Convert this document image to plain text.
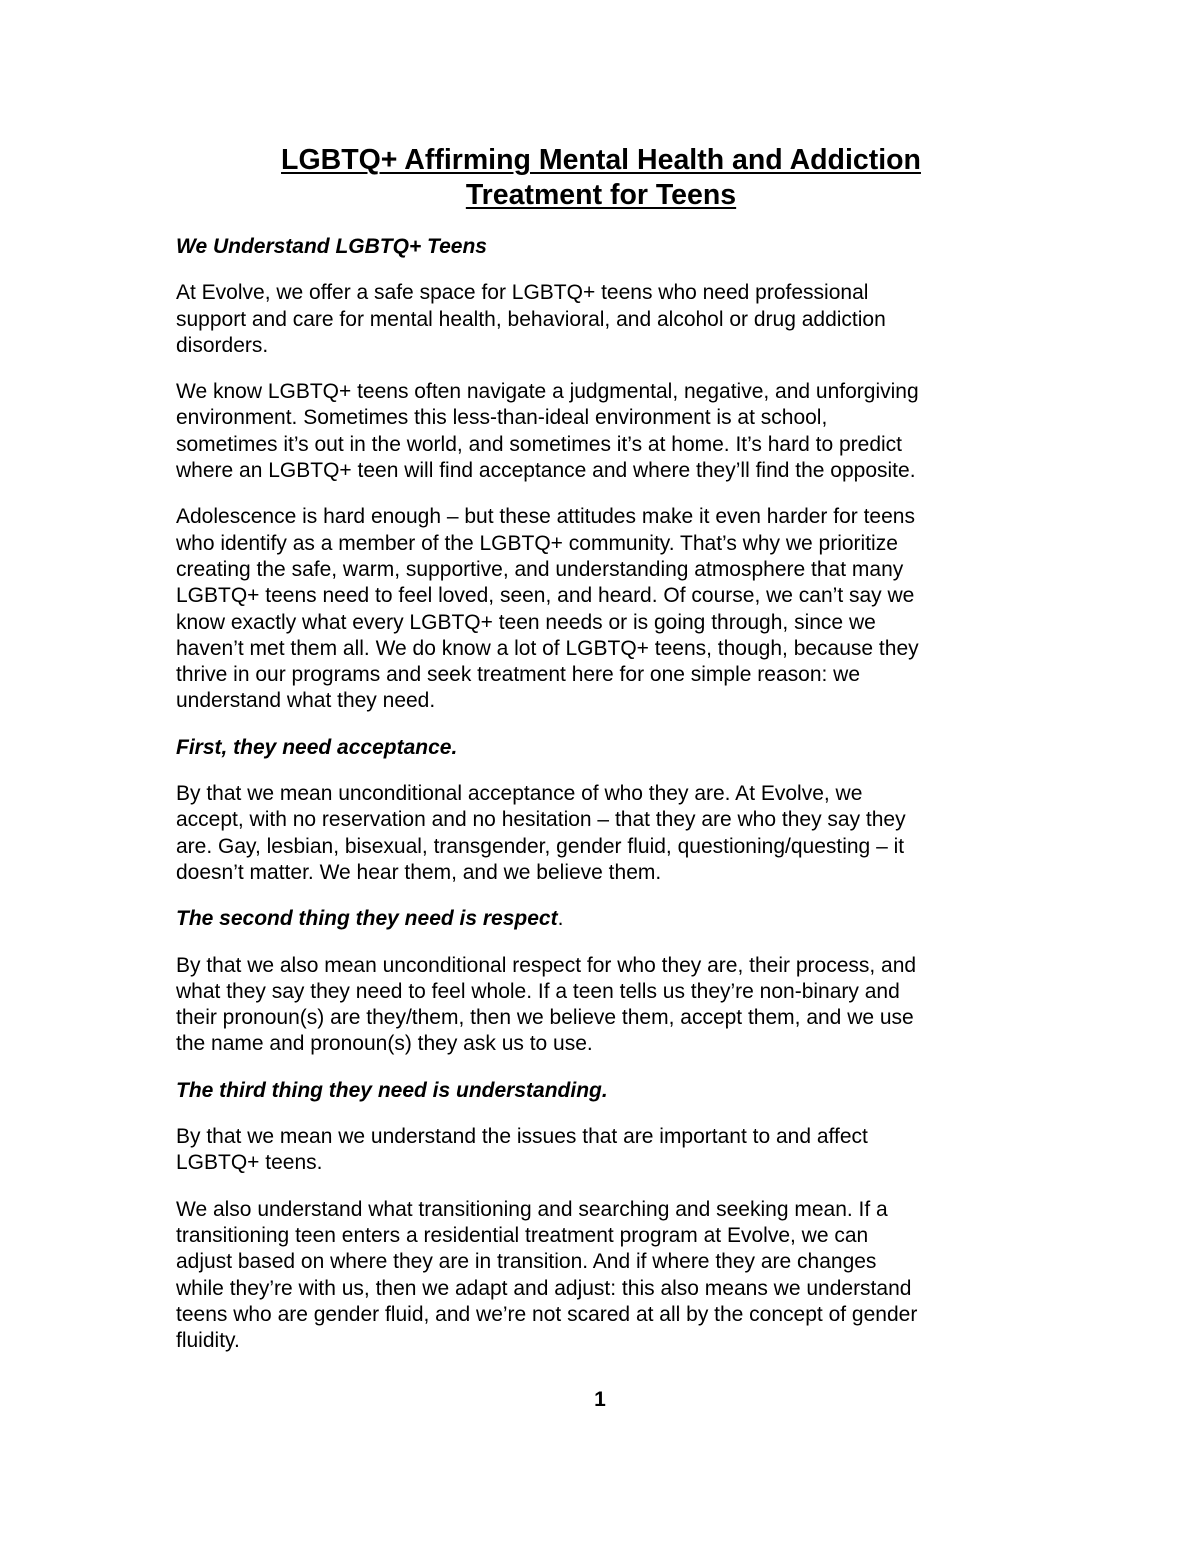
LGBTQ+ Affirming Mental Health and Addiction
Treatment for Teens

We Understand LGBTQ+ Teens

At Evolve, we offer a safe space for LGBTQ+ teens who need professional
support and care for mental health, behavioral, and alcohol or drug addiction
disorders.

We know LGBTQ+ teens often navigate a judgmental, negative, and unforgiving
environment. Sometimes this less-than-ideal environment is at school,
sometimes it’s out in the world, and sometimes it’s at home. It’s hard to predict
where an LGBTQ+ teen will find acceptance and where they’ll find the opposite.

Adolescence is hard enough – but these attitudes make it even harder for teens
who identify as a member of the LGBTQ+ community. That’s why we prioritize
creating the safe, warm, supportive, and understanding atmosphere that many
LGBTQ+ teens need to feel loved, seen, and heard. Of course, we can’t say we
know exactly what every LGBTQ+ teen needs or is going through, since we
haven’t met them all. We do know a lot of LGBTQ+ teens, though, because they
thrive in our programs and seek treatment here for one simple reason: we
understand what they need.

First, they need acceptance.

By that we mean unconditional acceptance of who they are. At Evolve, we
accept, with no reservation and no hesitation – that they are who they say they
are. Gay, lesbian, bisexual, transgender, gender fluid, questioning/questing – it
doesn’t matter. We hear them, and we believe them.

The second thing they need is respect.

By that we also mean unconditional respect for who they are, their process, and
what they say they need to feel whole. If a teen tells us they’re non-binary and
their pronoun(s) are they/them, then we believe them, accept them, and we use
the name and pronoun(s) they ask us to use.

The third thing they need is understanding.

By that we mean we understand the issues that are important to and affect
LGBTQ+ teens.

We also understand what transitioning and searching and seeking mean. If a
transitioning teen enters a residential treatment program at Evolve, we can
adjust based on where they are in transition. And if where they are changes
while they’re with us, then we adapt and adjust: this also means we understand
teens who are gender fluid, and we’re not scared at all by the concept of gender
fluidity.

1
